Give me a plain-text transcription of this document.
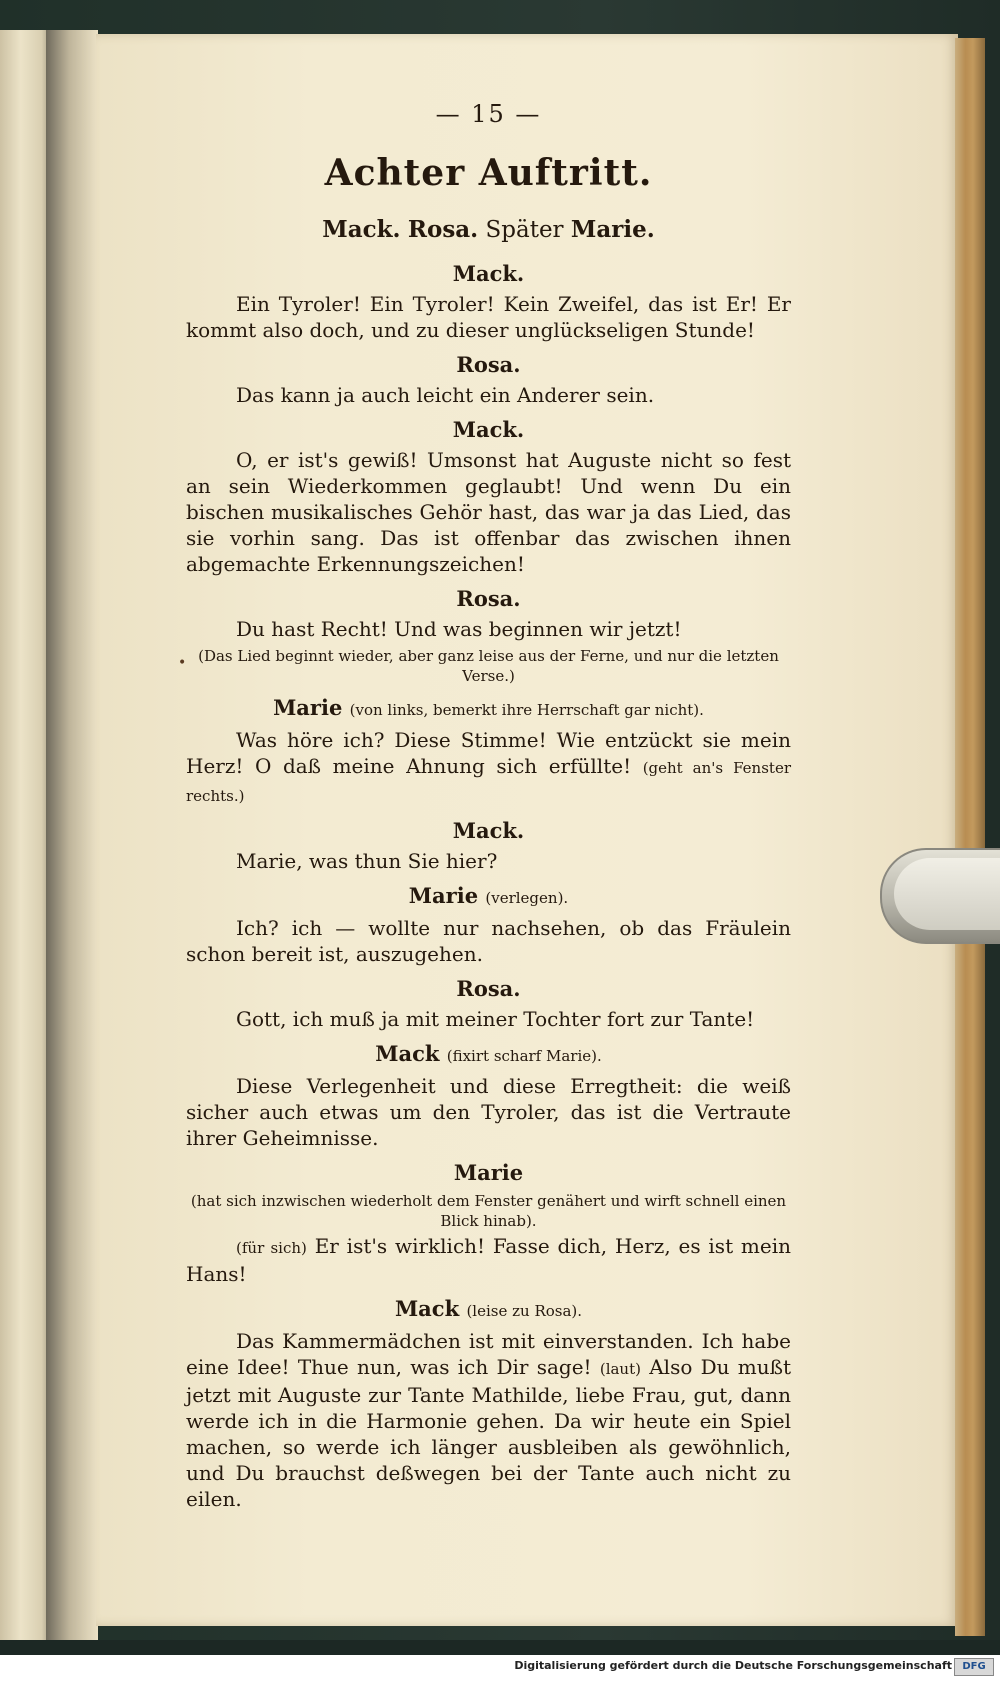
•
— 15 —
Achter Auftritt.
Mack. Rosa. Später Marie.
Mack.

Ein Tyroler! Ein Tyroler! Kein Zweifel, das ist Er! Er kommt also doch, und zu dieser unglückseligen Stunde!

Rosa.

Das kann ja auch leicht ein Anderer sein.

Mack.

O, er ist's gewiß! Umsonst hat Auguste nicht so fest an sein Wiederkommen geglaubt! Und wenn Du ein bischen musikalisches Gehör hast, das war ja das Lied, das sie vorhin sang. Das ist offenbar das zwischen ihnen abgemachte Erkennungszeichen!

Rosa.

Du hast Recht! Und was beginnen wir jetzt!

(Das Lied beginnt wieder, aber ganz leise aus der Ferne, und nur die letzten Verse.)
Marie (von links, bemerkt ihre Herrschaft gar nicht).

Was höre ich? Diese Stimme! Wie entzückt sie mein Herz! O daß meine Ahnung sich erfüllte! (geht an's Fenster rechts.)

Mack.

Marie, was thun Sie hier?

Marie (verlegen).

Ich? ich — wollte nur nachsehen, ob das Fräulein schon bereit ist, auszugehen.

Rosa.

Gott, ich muß ja mit meiner Tochter fort zur Tante!

Mack (fixirt scharf Marie).

Diese Verlegenheit und diese Erregtheit: die weiß sicher auch etwas um den Tyroler, das ist die Vertraute ihrer Geheimnisse.

Marie
(hat sich inzwischen wiederholt dem Fenster genähert und wirft schnell einen Blick hinab).

(für sich) Er ist's wirklich! Fasse dich, Herz, es ist mein Hans!

Mack (leise zu Rosa).

Das Kammermädchen ist mit einverstanden. Ich habe eine Idee! Thue nun, was ich Dir sage! (laut) Also Du mußt jetzt mit Auguste zur Tante Mathilde, liebe Frau, gut, dann werde ich in die Harmonie gehen. Da wir heute ein Spiel machen, so werde ich länger ausbleiben als gewöhnlich, und Du brauchst deßwegen bei der Tante auch nicht zu eilen.

Digitalisierung gefördert durch die Deutsche Forschungsgemeinschaft	DFG
